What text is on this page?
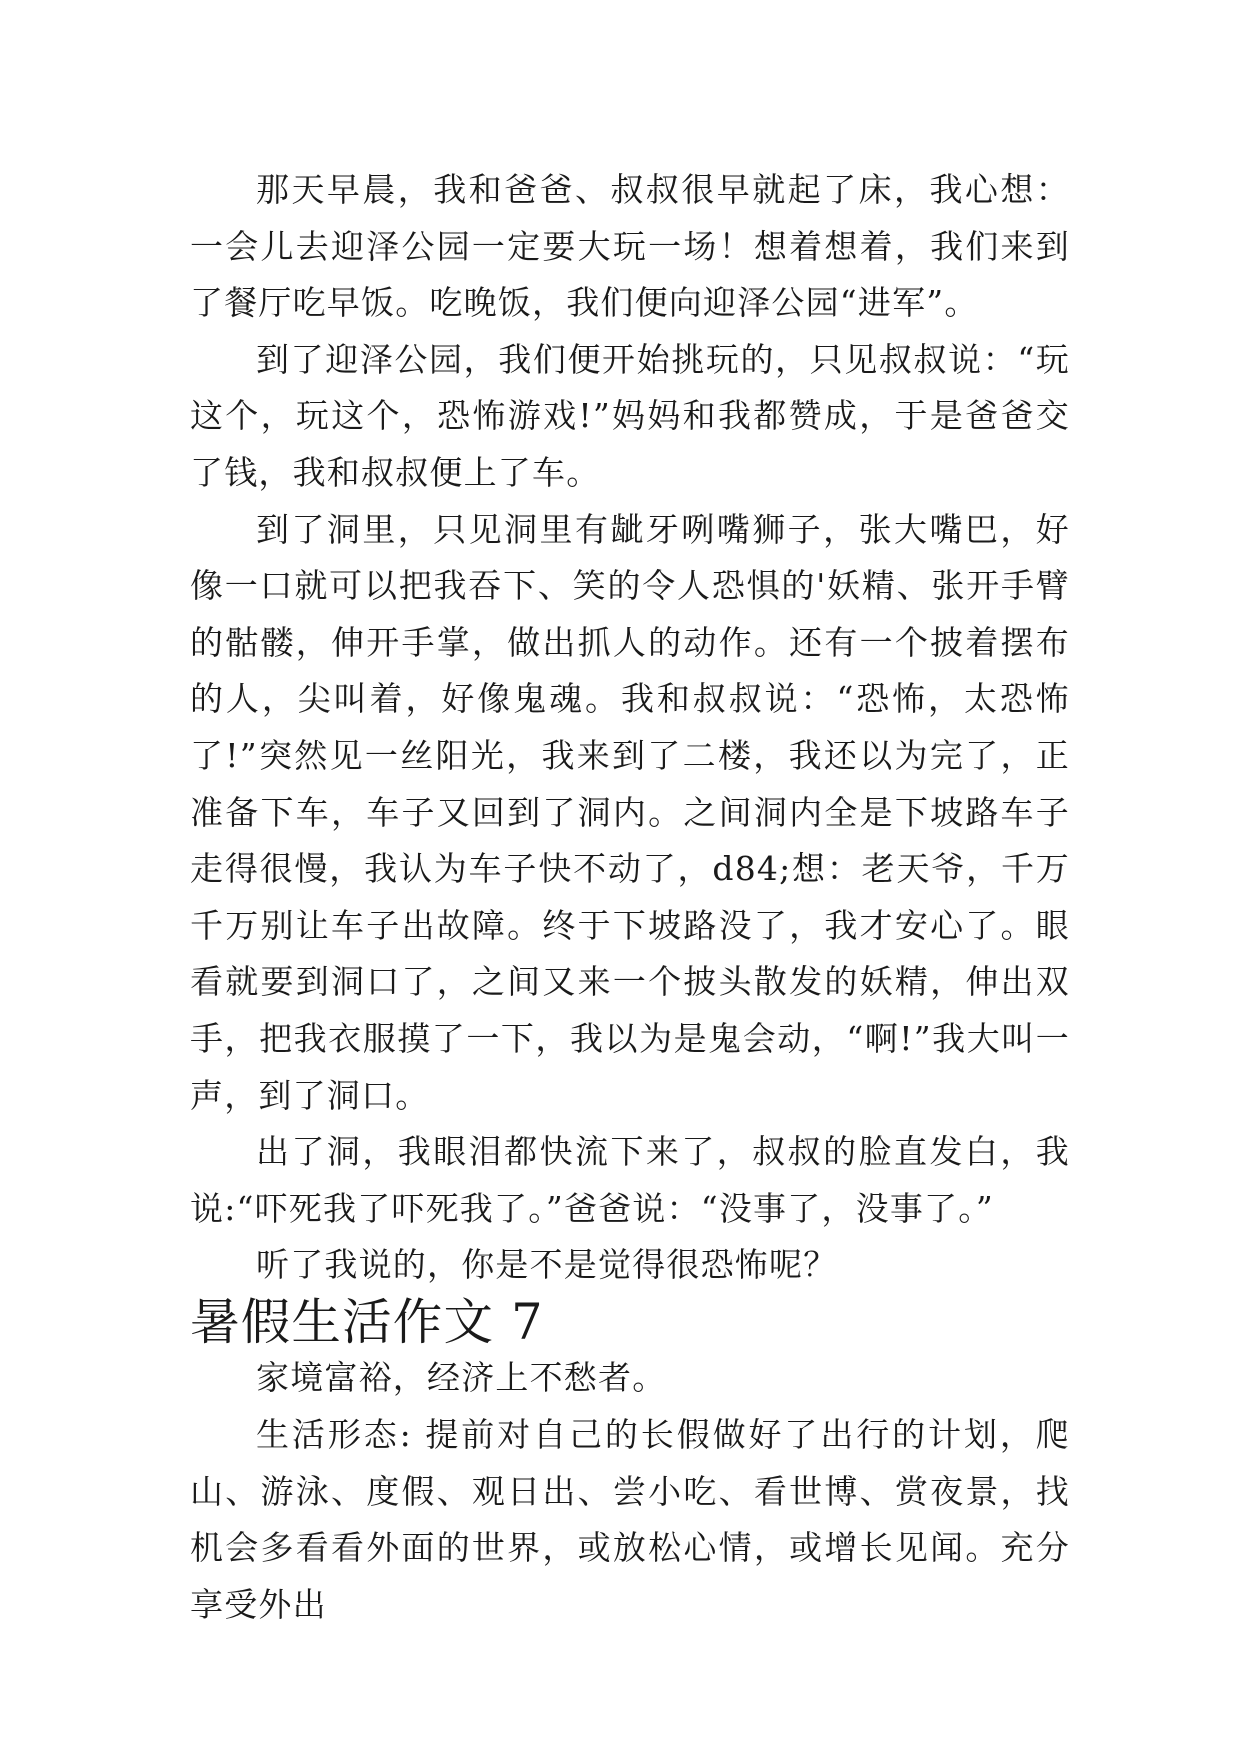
那天早晨，我和爸爸、叔叔很早就起了床，我心想：一会儿去迎泽公园一定要大玩一场！想着想着，我们来到了餐厅吃早饭。吃晚饭，我们便向迎泽公园“进军”。

到了迎泽公园，我们便开始挑玩的，只见叔叔说：“玩这个，玩这个，恐怖游戏!”妈妈和我都赞成，于是爸爸交了钱，我和叔叔便上了车。

到了洞里，只见洞里有龇牙咧嘴狮子，张大嘴巴，好像一口就可以把我吞下、笑的令人恐惧的'妖精、张开手臂的骷髅，伸开手掌，做出抓人的动作。还有一个披着摆布的人，尖叫着，好像鬼魂。我和叔叔说：“恐怖，太恐怖了!”突然见一丝阳光，我来到了二楼，我还以为完了，正准备下车，车子又回到了洞内。之间洞内全是下坡路车子走得很慢，我认为车子快不动了，d84;想：老天爷，千万千万别让车子出故障。终于下坡路没了，我才安心了。眼看就要到洞口了，之间又来一个披头散发的妖精，伸出双手，把我衣服摸了一下，我以为是鬼会动，“啊!”我大叫一声，到了洞口。

出了洞，我眼泪都快流下来了，叔叔的脸直发白，我说:“吓死我了吓死我了。”爸爸说：“没事了，没事了。”

听了我说的，你是不是觉得很恐怖呢？

暑假生活作文 7

家境富裕，经济上不愁者。

生活形态: 提前对自己的长假做好了出行的计划，爬山、游泳、度假、观日出、尝小吃、看世博、赏夜景，找机会多看看外面的世界，或放松心情，或增长见闻。充分享受外出
